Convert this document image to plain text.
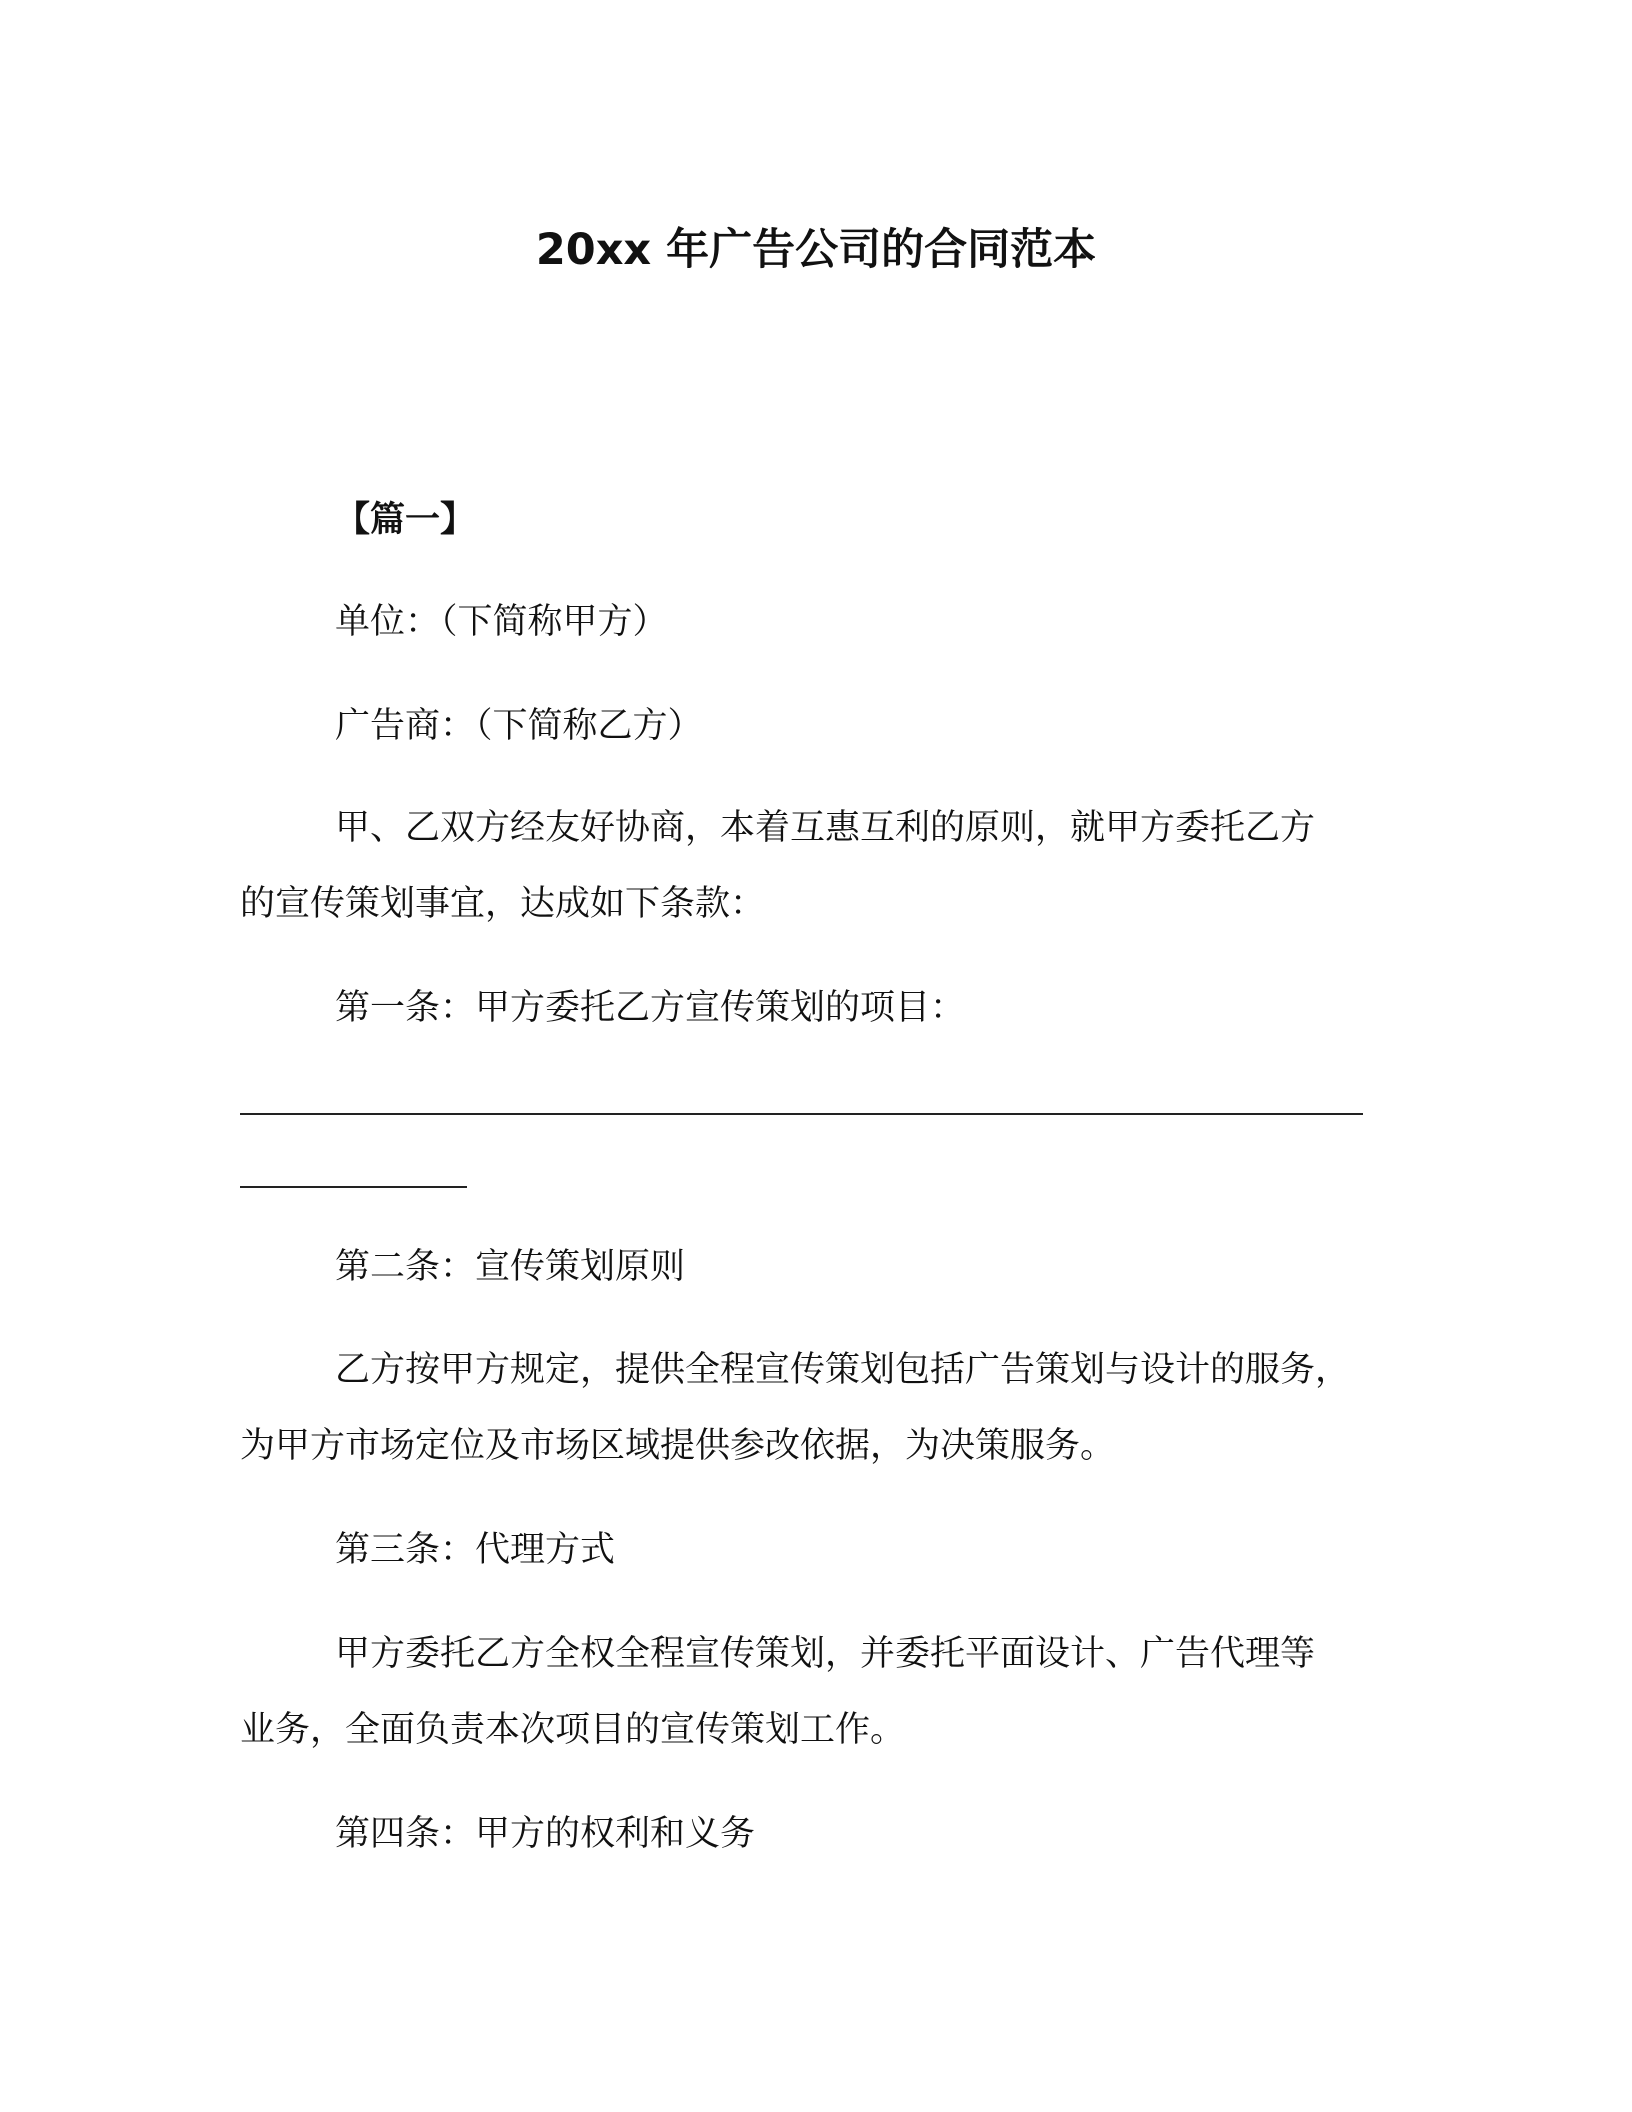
20xx 年广告公司的合同范本
【篇一】
单位：（下简称甲方）
广告商：（下简称乙方）
甲、乙双方经友好协商，本着互惠互利的原则，就甲方委托乙方
的宣传策划事宜，达成如下条款：
第一条：甲方委托乙方宣传策划的项目：
第二条：宣传策划原则
乙方按甲方规定，提供全程宣传策划包括广告策划与设计的服务，
为甲方市场定位及市场区域提供参改依据，为决策服务。
第三条：代理方式
甲方委托乙方全权全程宣传策划，并委托平面设计、广告代理等
业务，全面负责本次项目的宣传策划工作。
第四条：甲方的权利和义务
